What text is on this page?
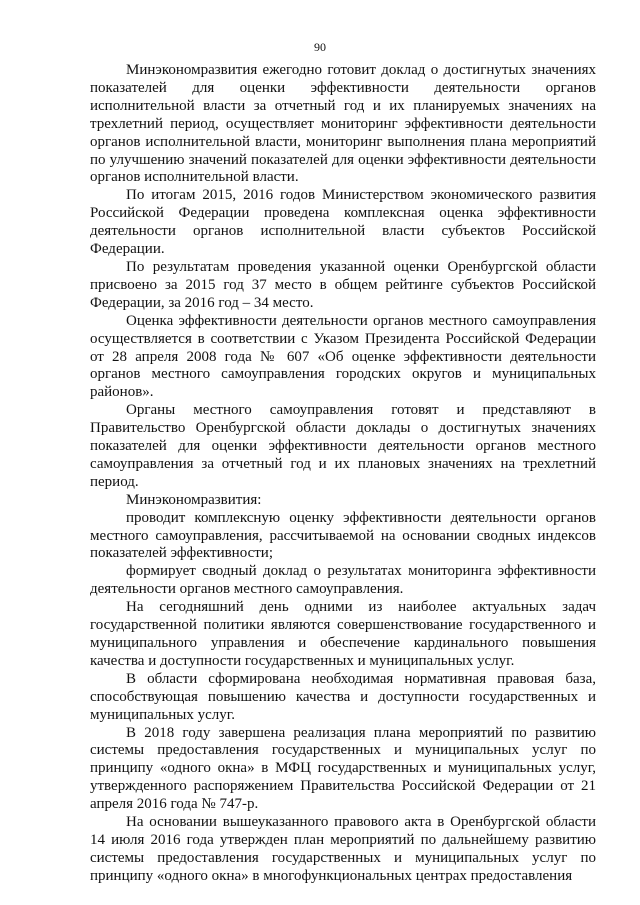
90

Минэкономразвития ежегодно готовит доклад о достигнутых значениях показателей для оценки эффективности деятельности органов исполнительной власти за отчетный год и их планируемых значениях на трехлетний период, осуществляет мониторинг эффективности деятельности органов исполнительной власти, мониторинг выполнения плана мероприятий по улучшению значений показателей для оценки эффективности деятельности органов исполнительной власти.

По итогам 2015, 2016 годов Министерством экономического развития Российской Федерации проведена комплексная оценка эффективности деятельности органов исполнительной власти субъектов Российской Федерации.

По результатам проведения указанной оценки Оренбургской области присвоено за 2015 год 37 место в общем рейтинге субъектов Российской Федерации, за 2016 год – 34 место.

Оценка эффективности деятельности органов местного самоуправления осуществляется в соответствии с Указом Президента Российской Федерации от 28 апреля 2008 года № 607 «Об оценке эффективности деятельности органов местного самоуправления городских округов и муниципальных районов».

Органы местного самоуправления готовят и представляют в Правительство Оренбургской области доклады о достигнутых значениях показателей для оценки эффективности деятельности органов местного самоуправления за отчетный год и их плановых значениях на трехлетний период.

Минэкономразвития:

проводит комплексную оценку эффективности деятельности органов местного самоуправления, рассчитываемой на основании сводных индексов показателей эффективности;

формирует сводный доклад о результатах мониторинга эффективности деятельности органов местного самоуправления.

На сегодняшний день одними из наиболее актуальных задач государственной политики являются совершенствование государственного и муниципального управления и обеспечение кардинального повышения качества и доступности государственных и муниципальных услуг.

В области сформирована необходимая нормативная правовая база, способствующая повышению качества и доступности государственных и муниципальных услуг.

В 2018 году завершена реализация плана мероприятий по развитию системы предоставления государственных и муниципальных услуг по принципу «одного окна» в МФЦ государственных и муниципальных услуг, утвержденного распоряжением Правительства Российской Федерации от 21 апреля 2016 года № 747-р.

На основании вышеуказанного правового акта в Оренбургской области 14 июля 2016 года утвержден план мероприятий по дальнейшему развитию системы предоставления государственных и муниципальных услуг по принципу «одного окна» в многофункциональных центрах предоставления
